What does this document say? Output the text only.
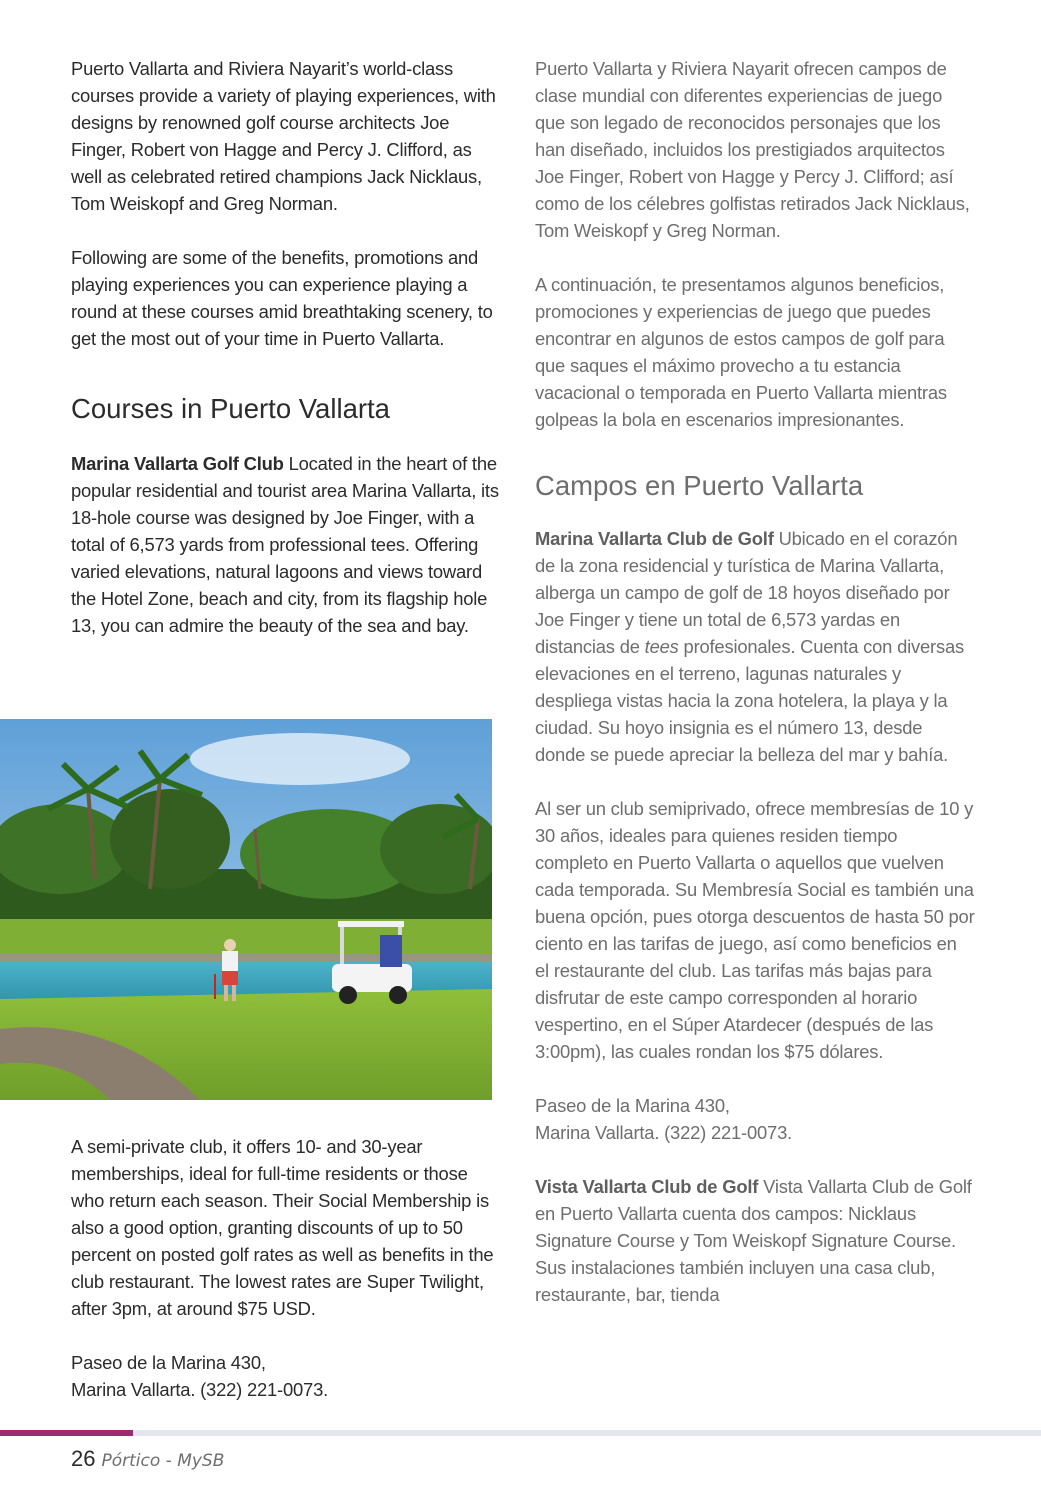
Puerto Vallarta and Riviera Nayarit’s world-class courses provide a variety of playing experiences, with designs by renowned golf course architects Joe Finger, Robert von Hagge and Percy J. Clifford, as well as celebrated retired champions Jack Nicklaus, Tom Weiskopf and Greg Norman.

Following are some of the benefits, promotions and playing experiences you can experience playing a round at these courses amid breathtaking scenery, to get the most out of your time in Puerto Vallarta.

Courses in Puerto Vallarta

Marina Vallarta Golf Club Located in the heart of the popular residential and tourist area Marina Vallarta, its 18-hole course was designed by Joe Finger, with a total of 6,573 yards from professional tees. Offering varied elevations, natural lagoons and views toward the Hotel Zone, beach and city, from its flagship hole 13, you can admire the beauty of the sea and bay.

A semi-private club, it offers 10- and 30-year memberships, ideal for full-time residents or those who return each season. Their Social Membership is also a good option, granting discounts of up to 50 percent on posted golf rates as well as benefits in the club restaurant. The lowest rates are Super Twilight, after 3pm, at around $75 USD.

Paseo de la Marina 430,

Marina Vallarta. (322) 221-0073.

Puerto Vallarta y Riviera Nayarit ofrecen campos de clase mundial con diferentes experiencias de juego que son legado de reconocidos personajes que los han diseñado, incluidos los prestigiados arquitectos Joe Finger, Robert von Hagge y Percy J. Clifford; así como de los célebres golfistas retirados Jack Nicklaus, Tom Weiskopf y Greg Norman.

A continuación, te presentamos algunos beneficios, promociones y experiencias de juego que puedes encontrar en algunos de estos campos de golf para que saques el máximo provecho a tu estancia vacacional o temporada en Puerto Vallarta mientras golpeas la bola en escenarios impresionantes.

Campos en Puerto Vallarta

Marina Vallarta Club de Golf Ubicado en el corazón de la zona residencial y turística de Marina Vallarta, alberga un campo de golf de 18 hoyos diseñado por Joe Finger y tiene un total de 6,573 yardas en distancias de tees profesionales. Cuenta con diversas elevaciones en el terreno, lagunas naturales y despliega vistas hacia la zona hotelera, la playa y la ciudad. Su hoyo insignia es el número 13, desde donde se puede apreciar la belleza del mar y bahía.

Al ser un club semiprivado, ofrece membresías de 10 y 30 años, ideales para quienes residen tiempo completo en Puerto Vallarta o aquellos que vuelven cada temporada. Su Membresía Social es también una buena opción, pues otorga descuentos de hasta 50 por ciento en las tarifas de juego, así como beneficios en el restaurante del club. Las tarifas más bajas para disfrutar de este campo corresponden al horario vespertino, en el Súper Atardecer (después de las 3:00pm), las cuales rondan los $75 dólares.

Paseo de la Marina 430,

Marina Vallarta. (322) 221-0073.

Vista Vallarta Club de Golf Vista Vallarta Club de Golf en Puerto Vallarta cuenta dos campos: Nicklaus Signature Course y Tom Weiskopf Signature Course. Sus instalaciones también incluyen una casa club, restaurante, bar, tienda

26 Pórtico - MySB
